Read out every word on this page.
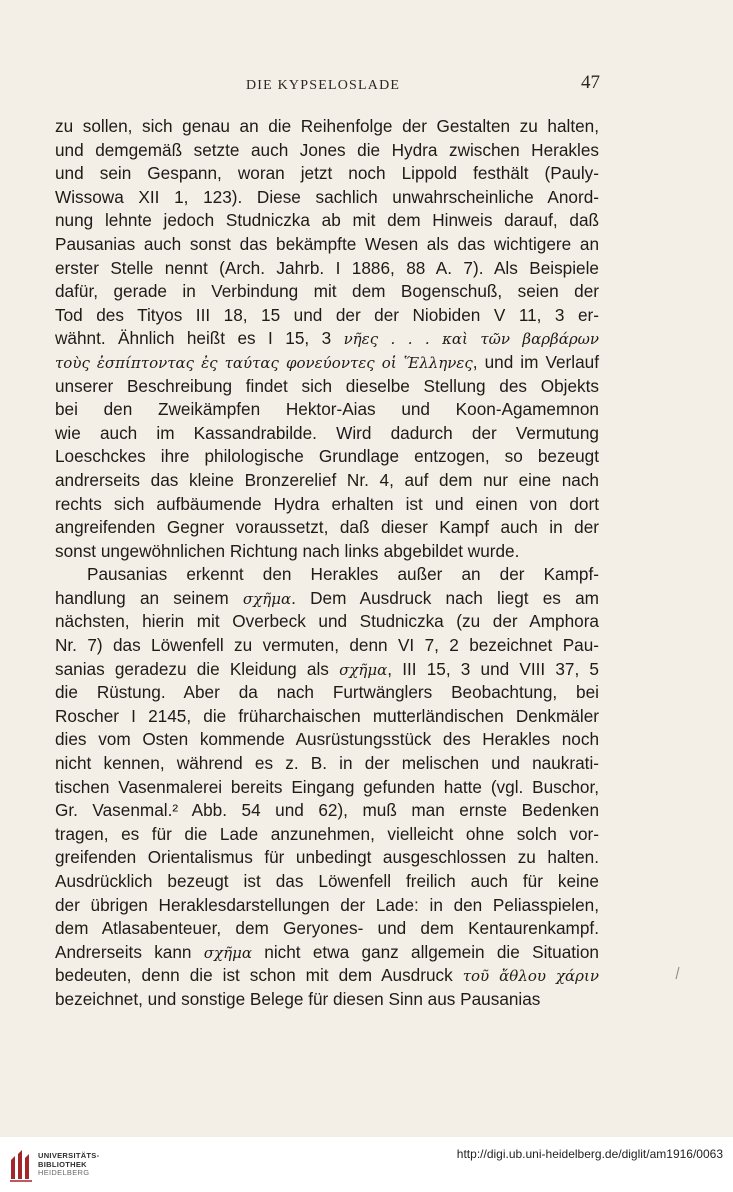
DIE KYPSELOSLADE	47
zu sollen, sich genau an die Reihenfolge der Gestalten zu halten,
und demgemäß setzte auch Jones die Hydra zwischen Herakles
und sein Gespann, woran jetzt noch Lippold festhält (Pauly-
Wissowa XII 1, 123). Diese sachlich unwahrscheinliche Anord-
nung lehnte jedoch Studniczka ab mit dem Hinweis darauf, daß
Pausanias auch sonst das bekämpfte Wesen als das wichtigere an
erster Stelle nennt (Arch. Jahrb. I 1886, 88 A. 7). Als Beispiele
dafür, gerade in Verbindung mit dem Bogenschuß, seien der
Tod des Tityos III 18, 15 und der der Niobiden V 11, 3 er-
wähnt. Ähnlich heißt es I 15, 3 νῆες . . . καὶ τῶν βαρβάρων
τοὺς ἐσπίπτοντας ἐς ταύτας φονεύοντες οἱ Ἕλληνες, und im Verlauf
unserer Beschreibung findet sich dieselbe Stellung des Objekts
bei den Zweikämpfen Hektor-Aias und Koon-Agamemnon
wie auch im Kassandrabilde. Wird dadurch der Vermutung
Loeschckes ihre philologische Grundlage entzogen, so bezeugt
andrerseits das kleine Bronzerelief Nr. 4, auf dem nur eine nach
rechts sich aufbäumende Hydra erhalten ist und einen von dort
angreifenden Gegner voraussetzt, daß dieser Kampf auch in der
sonst ungewöhnlichen Richtung nach links abgebildet wurde.
Pausanias erkennt den Herakles außer an der Kampf-
handlung an seinem σχῆμα. Dem Ausdruck nach liegt es am
nächsten, hierin mit Overbeck und Studniczka (zu der Amphora
Nr. 7) das Löwenfell zu vermuten, denn VI 7, 2 bezeichnet Pau-
sanias geradezu die Kleidung als σχῆμα, III 15, 3 und VIII 37, 5
die Rüstung. Aber da nach Furtwänglers Beobachtung, bei
Roscher I 2145, die früharchaischen mutterländischen Denkmäler
dies vom Osten kommende Ausrüstungsstück des Herakles noch
nicht kennen, während es z. B. in der melischen und naukrati-
tischen Vasenmalerei bereits Eingang gefunden hatte (vgl. Buschor,
Gr. Vasenmal.² Abb. 54 und 62), muß man ernste Bedenken
tragen, es für die Lade anzunehmen, vielleicht ohne solch vor-
greifenden Orientalismus für unbedingt ausgeschlossen zu halten.
Ausdrücklich bezeugt ist das Löwenfell freilich auch für keine
der übrigen Heraklesdarstellungen der Lade: in den Peliasspielen,
dem Atlasabenteuer, dem Geryones- und dem Kentaurenkampf.
Andrerseits kann σχῆμα nicht etwa ganz allgemein die Situation
bedeuten, denn die ist schon mit dem Ausdruck τοῦ ἄθλου χάριν
bezeichnet, und sonstige Belege für diesen Sinn aus Pausanias
UNIVERSITÄTS-
BIBLIOTHEK
HEIDELBERG
http://digi.ub.uni-heidelberg.de/diglit/am1916/0063
